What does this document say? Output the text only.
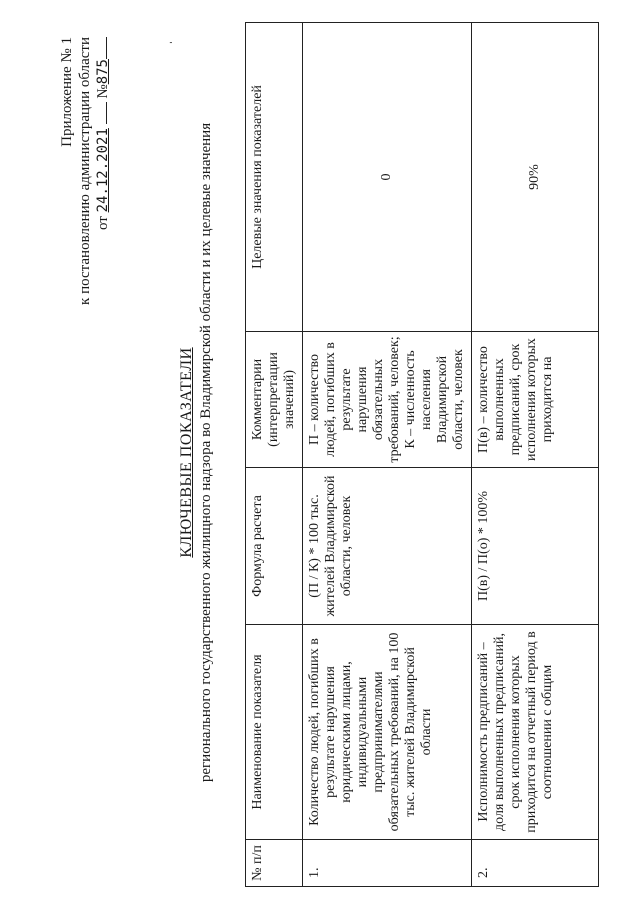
Приложение № 1 к постановлению администрации области от 24.12.2021  №875
ˌ
КЛЮЧЕВЫЕ ПОКАЗАТЕЛИ регионального государственного жилищного надзора во Владимирской области и их целевые значения
№ п/п	Наименование показателя	Формула расчета	Комментарии (интерпретации значений)	Целевые значения показателей
1.	Количество людей, погибших в результате нарушения юридическими лицами, индивидуальными предпринимателями обязательных требований, на 100 тыс. жителей Владимирской области	(П / К) * 100 тыс. жителей Владимирской области, человек	П – количество людей, погибших в результате нарушения обязательных требований, человек; К – численность населения Владимирской области, человек	0
2.	Исполнимость предписаний – доля выполненных предписаний, срок исполнения которых приходится на отчетный период в соотношении с общим	П(в) / П(о) * 100%	П(в) – количество выполненных предписаний, срок исполнения которых приходится на	90%
